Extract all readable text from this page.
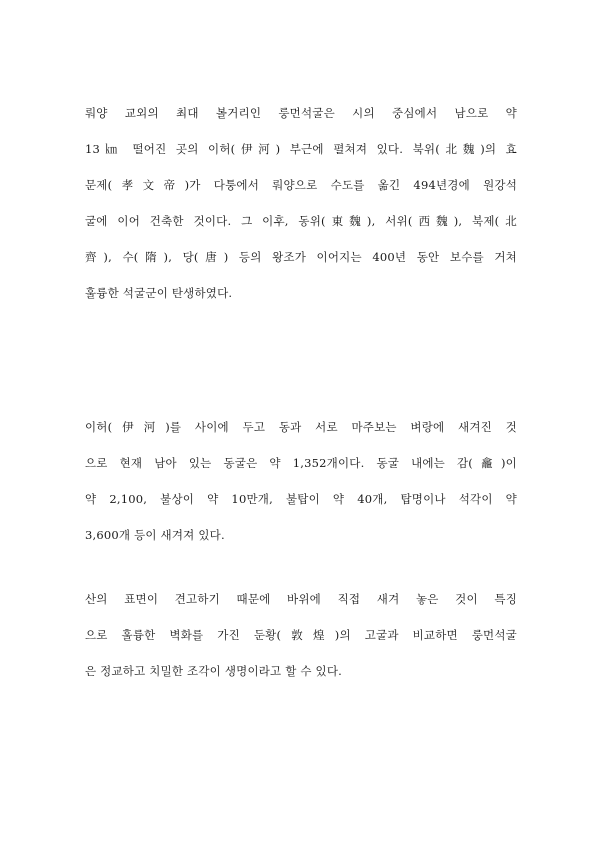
뤄양 교외의 최대 볼거리인 룽먼석굴은 시의 중심에서 남으로 약
13㎞ 떨어진 곳의 이허(伊河) 부근에 펼쳐져 있다. 북위(北魏)의 효
문제(孝文帝)가 다퉁에서 뤄양으로 수도를 옮긴 494년경에 원강석
굴에 이어 건축한 것이다. 그 이후, 동위(東魏), 서위(西魏), 북제(北
齊), 수(隋), 당(唐) 등의 왕조가 이어지는 400년 동안 보수를 거쳐
훌륭한 석굴군이 탄생하였다.
이허(伊河)를 사이에 두고 동과 서로 마주보는 벼랑에 새겨진 것
으로 현재 남아 있는 동굴은 약 1,352개이다. 동굴 내에는 감(龕)이
약 2,100, 불상이 약 10만개, 불탑이 약 40개, 탑명이나 석각이 약
3,600개 등이 새겨져 있다.
산의 표면이 견고하기 때문에 바위에 직접 새겨 놓은 것이 특징
으로 훌륭한 벽화를 가진 둔황(敦煌)의 고굴과 비교하면 룽먼석굴
은 정교하고 치밀한 조각이 생명이라고 할 수 있다.
